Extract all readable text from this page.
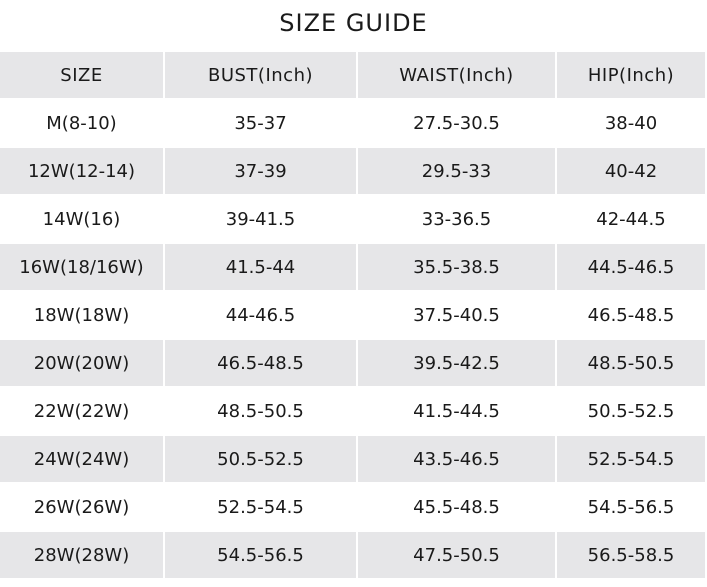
SIZE GUIDE
SIZE	BUST(Inch)	WAIST(Inch)	HIP(Inch)
M(8-10)	35-37	27.5-30.5	38-40
12W(12-14)	37-39	29.5-33	40-42
14W(16)	39-41.5	33-36.5	42-44.5
16W(18/16W)	41.5-44	35.5-38.5	44.5-46.5
18W(18W)	44-46.5	37.5-40.5	46.5-48.5
20W(20W)	46.5-48.5	39.5-42.5	48.5-50.5
22W(22W)	48.5-50.5	41.5-44.5	50.5-52.5
24W(24W)	50.5-52.5	43.5-46.5	52.5-54.5
26W(26W)	52.5-54.5	45.5-48.5	54.5-56.5
28W(28W)	54.5-56.5	47.5-50.5	56.5-58.5
